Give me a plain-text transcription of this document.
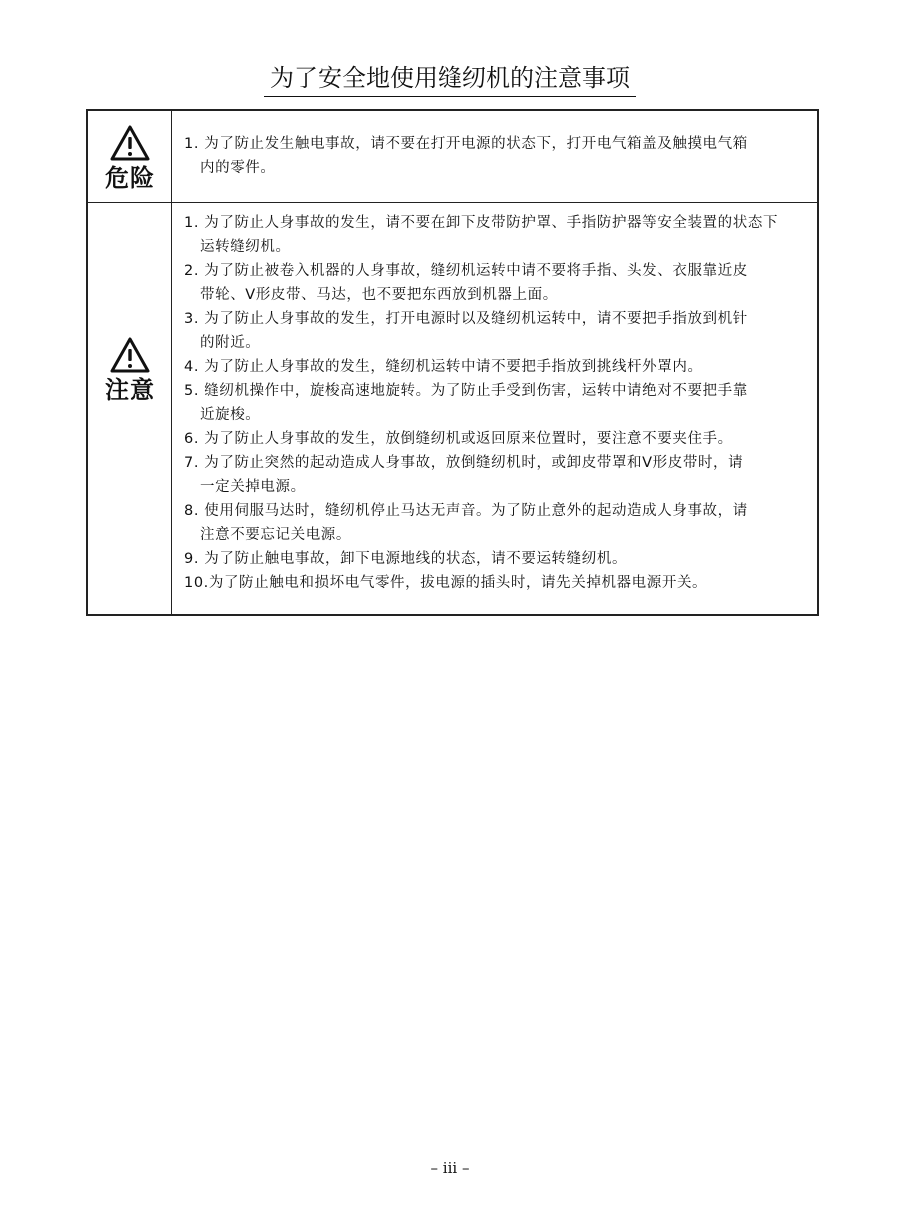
为了安全地使用缝纫机的注意事项
危险
1. 为了防止发生触电事故，请不要在打开电源的状态下，打开电气箱盖及触摸电气箱
内的零件。
注意
1. 为了防止人身事故的发生，请不要在卸下皮带防护罩、手指防护器等安全装置的状态下
运转缝纫机。
2. 为了防止被卷入机器的人身事故，缝纫机运转中请不要将手指、头发、衣服靠近皮
带轮、V形皮带、马达，也不要把东西放到机器上面。
3. 为了防止人身事故的发生，打开电源时以及缝纫机运转中，请不要把手指放到机针
的附近。
4. 为了防止人身事故的发生，缝纫机运转中请不要把手指放到挑线杆外罩内。
5. 缝纫机操作中，旋梭高速地旋转。为了防止手受到伤害，运转中请绝对不要把手靠
近旋梭。
6. 为了防止人身事故的发生，放倒缝纫机或返回原来位置时，要注意不要夹住手。
7. 为了防止突然的起动造成人身事故，放倒缝纫机时，或卸皮带罩和V形皮带时，请
一定关掉电源。
8. 使用伺服马达时，缝纫机停止马达无声音。为了防止意外的起动造成人身事故，请
注意不要忘记关电源。
9. 为了防止触电事故，卸下电源地线的状态，请不要运转缝纫机。
10.为了防止触电和损坏电气零件，拔电源的插头时，请先关掉机器电源开关。
– iii –
